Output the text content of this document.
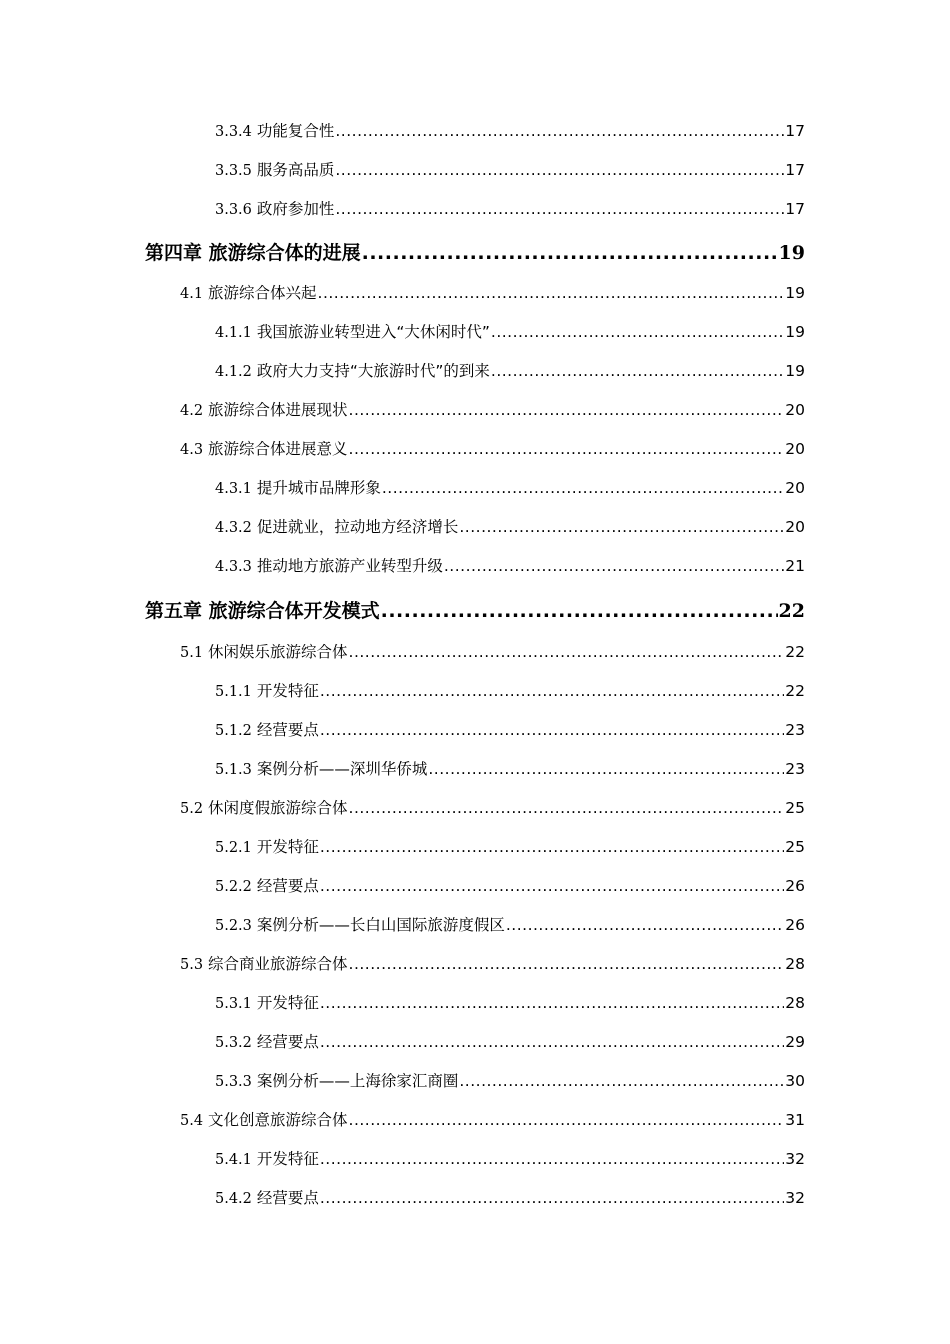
3.3.4 功能复合性 .....	17
3.3.5 服务高品质 .....	17
3.3.6 政府参加性 .....	17
第四章 旅游综合体的进展 .....	19
4.1 旅游综合体兴起 .....	19
4.1.1 我国旅游业转型进入“大休闲时代” .....	19
4.1.2 政府大力支持“大旅游时代”的到来 .....	19
4.2 旅游综合体进展现状 .....	20
4.3 旅游综合体进展意义 .....	20
4.3.1 提升城市品牌形象 .....	20
4.3.2 促进就业，拉动地方经济增长 .....	20
4.3.3 推动地方旅游产业转型升级 .....	21
第五章 旅游综合体开发模式 .....	22
5.1 休闲娱乐旅游综合体 .....	22
5.1.1 开发特征 .....	22
5.1.2 经营要点 .....	23
5.1.3 案例分析——深圳华侨城 .....	23
5.2 休闲度假旅游综合体 .....	25
5.2.1 开发特征 .....	25
5.2.2 经营要点 .....	26
5.2.3 案例分析——长白山国际旅游度假区 .....	26
5.3 综合商业旅游综合体 .....	28
5.3.1 开发特征 .....	28
5.3.2 经营要点 .....	29
5.3.3 案例分析——上海徐家汇商圈 .....	30
5.4 文化创意旅游综合体 .....	31
5.4.1 开发特征 .....	32
5.4.2 经营要点 .....	32
